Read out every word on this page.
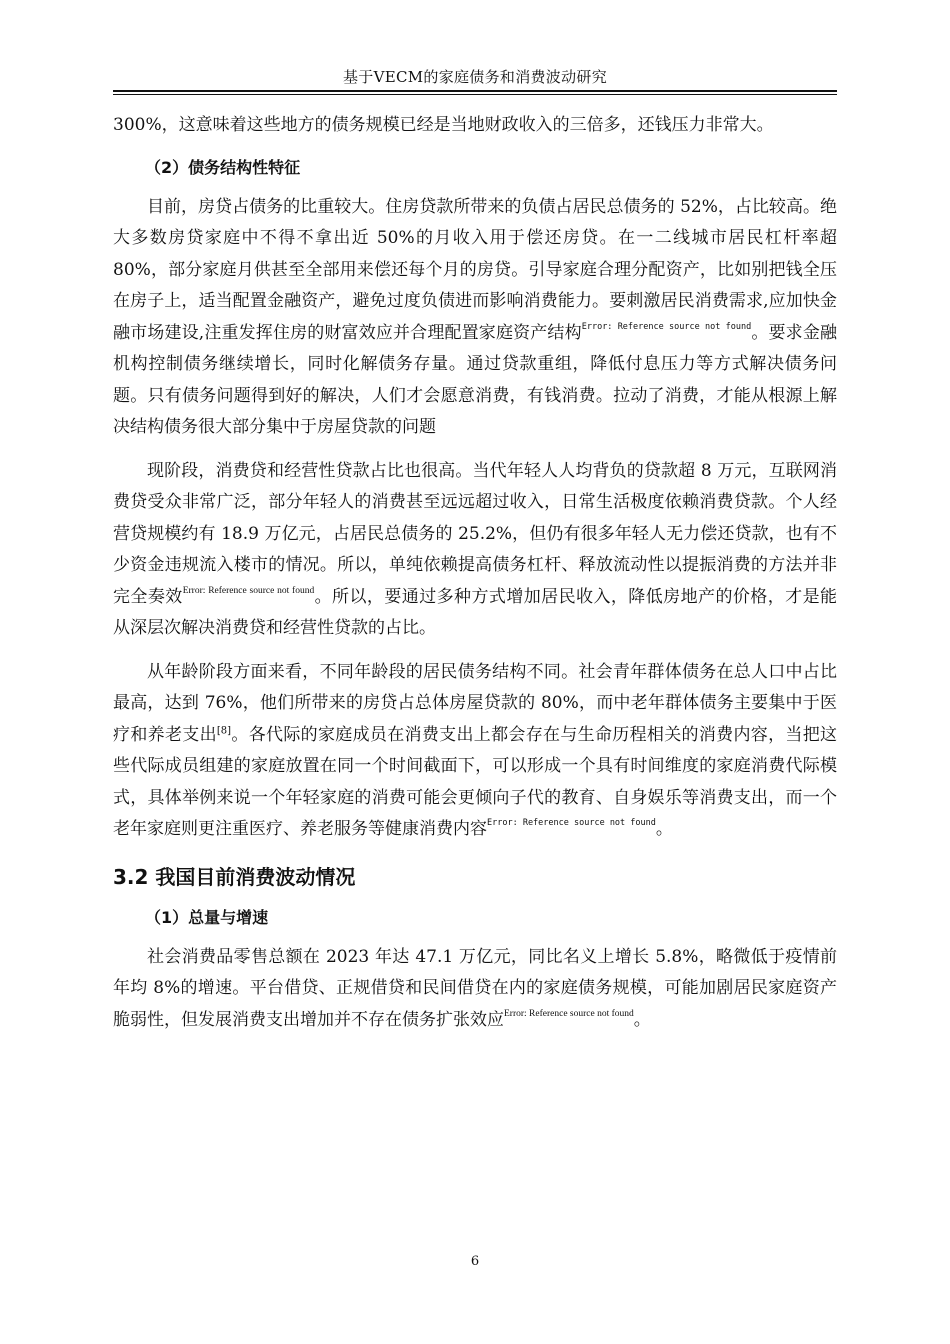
基于VECM的家庭债务和消费波动研究

300%，这意味着这些地方的债务规模已经是当地财政收入的三倍多，还钱压力非常大。

（2）债务结构性特征

目前，房贷占债务的比重较大。住房贷款所带来的负债占居民总债务的 52%，占比较高。绝大多数房贷家庭中不得不拿出近 50%的月收入用于偿还房贷。在一二线城市居民杠杆率超 80%，部分家庭月供甚至全部用来偿还每个月的房贷。引导家庭合理分配资产，比如别把钱全压在房子上，适当配置金融资产，避免过度负债进而影响消费能力。要刺激居民消费需求,应加快金融市场建设,注重发挥住房的财富效应并合理配置家庭资产结构$^{Error: Reference source not found}$。要求金融机构控制债务继续增长，同时化解债务存量。通过贷款重组，降低付息压力等方式解决债务问题。只有债务问题得到好的解决，人们才会愿意消费，有钱消费。拉动了消费，才能从根源上解决结构债务很大部分集中于房屋贷款的问题

现阶段，消费贷和经营性贷款占比也很高。当代年轻人人均背负的贷款超 8 万元，互联网消费贷受众非常广泛，部分年轻人的消费甚至远远超过收入，日常生活极度依赖消费贷款。个人经营贷规模约有 18.9 万亿元，占居民总债务的 25.2%，但仍有很多年轻人无力偿还贷款，也有不少资金违规流入楼市的情况。所以，单纯依赖提高债务杠杆、释放流动性以提振消费的方法并非完全奏效$^{Error: Reference source not found}$。所以，要通过多种方式增加居民收入，降低房地产的价格，才是能从深层次解决消费贷和经营性贷款的占比。

从年龄阶段方面来看，不同年龄段的居民债务结构不同。社会青年群体债务在总人口中占比最高，达到 76%，他们所带来的房贷占总体房屋贷款的 80%，而中老年群体债务主要集中于医疗和养老支出[8]。各代际的家庭成员在消费支出上都会存在与生命历程相关的消费内容，当把这些代际成员组建的家庭放置在同一个时间截面下，可以形成一个具有时间维度的家庭消费代际模式，具体举例来说一个年轻家庭的消费可能会更倾向子代的教育、自身娱乐等消费支出，而一个老年家庭则更注重医疗、养老服务等健康消费内容$^{Error: Reference source not found}$。

3.2 我国目前消费波动情况
（1）总量与增速

社会消费品零售总额在 2023 年达 47.1 万亿元，同比名义上增长 5.8%，略微低于疫情前年均 8%的增速。平台借贷、正规借贷和民间借贷在内的家庭债务规模，可能加剧居民家庭资产脆弱性，但发展消费支出增加并不存在债务扩张效应$^{Error: Reference source not found}$。

6
